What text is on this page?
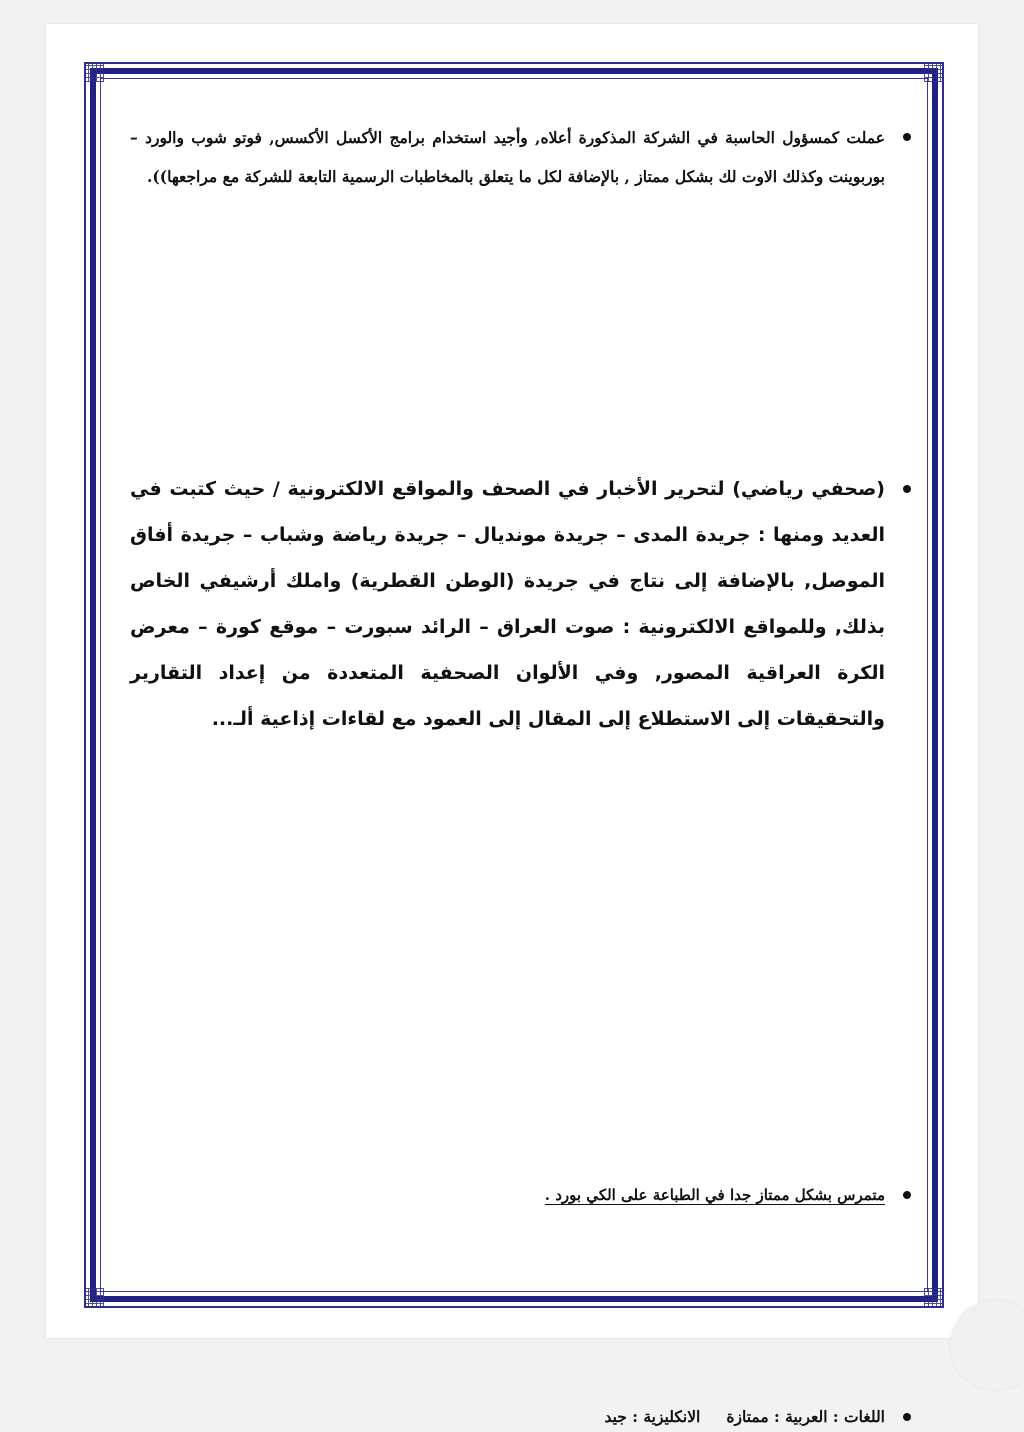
عملت كمسؤول الحاسبة في الشركة المذكورة أعلاه, وأجيد استخدام برامج الأكسل الأكسس, فوتو شوب والورد – بوربوينت وكذلك الاوت لك بشكل ممتاز , بالإضافة لكل ما يتعلق بالمخاطبات الرسمية التابعة للشركة مع مراجعها)).
(صحفي رياضي) لتحرير الأخبار في الصحف والمواقع الالكترونية / حيث كتبت في العديد ومنها : جريدة المدى – جريدة مونديال – جريدة رياضة وشباب – جريدة أفاق الموصل, بالإضافة إلى نتاج في جريدة (الوطن القطرية) واملك أرشيفي الخاص بذلك, وللمواقع الالكترونية : صوت العراق – الرائد سبورت – موقع كورة – معرض الكرة العراقية المصور, وفي الألوان الصحفية المتعددة من إعداد التقارير والتحقيقات إلى الاستطلاع إلى المقال إلى العمود مع لقاءات إذاعية ألـ...
متمرس بشكل ممتاز جدا في الطباعة على الكي بورد .
اللغات : العربية : ممتازةالانكليزية : جيد
